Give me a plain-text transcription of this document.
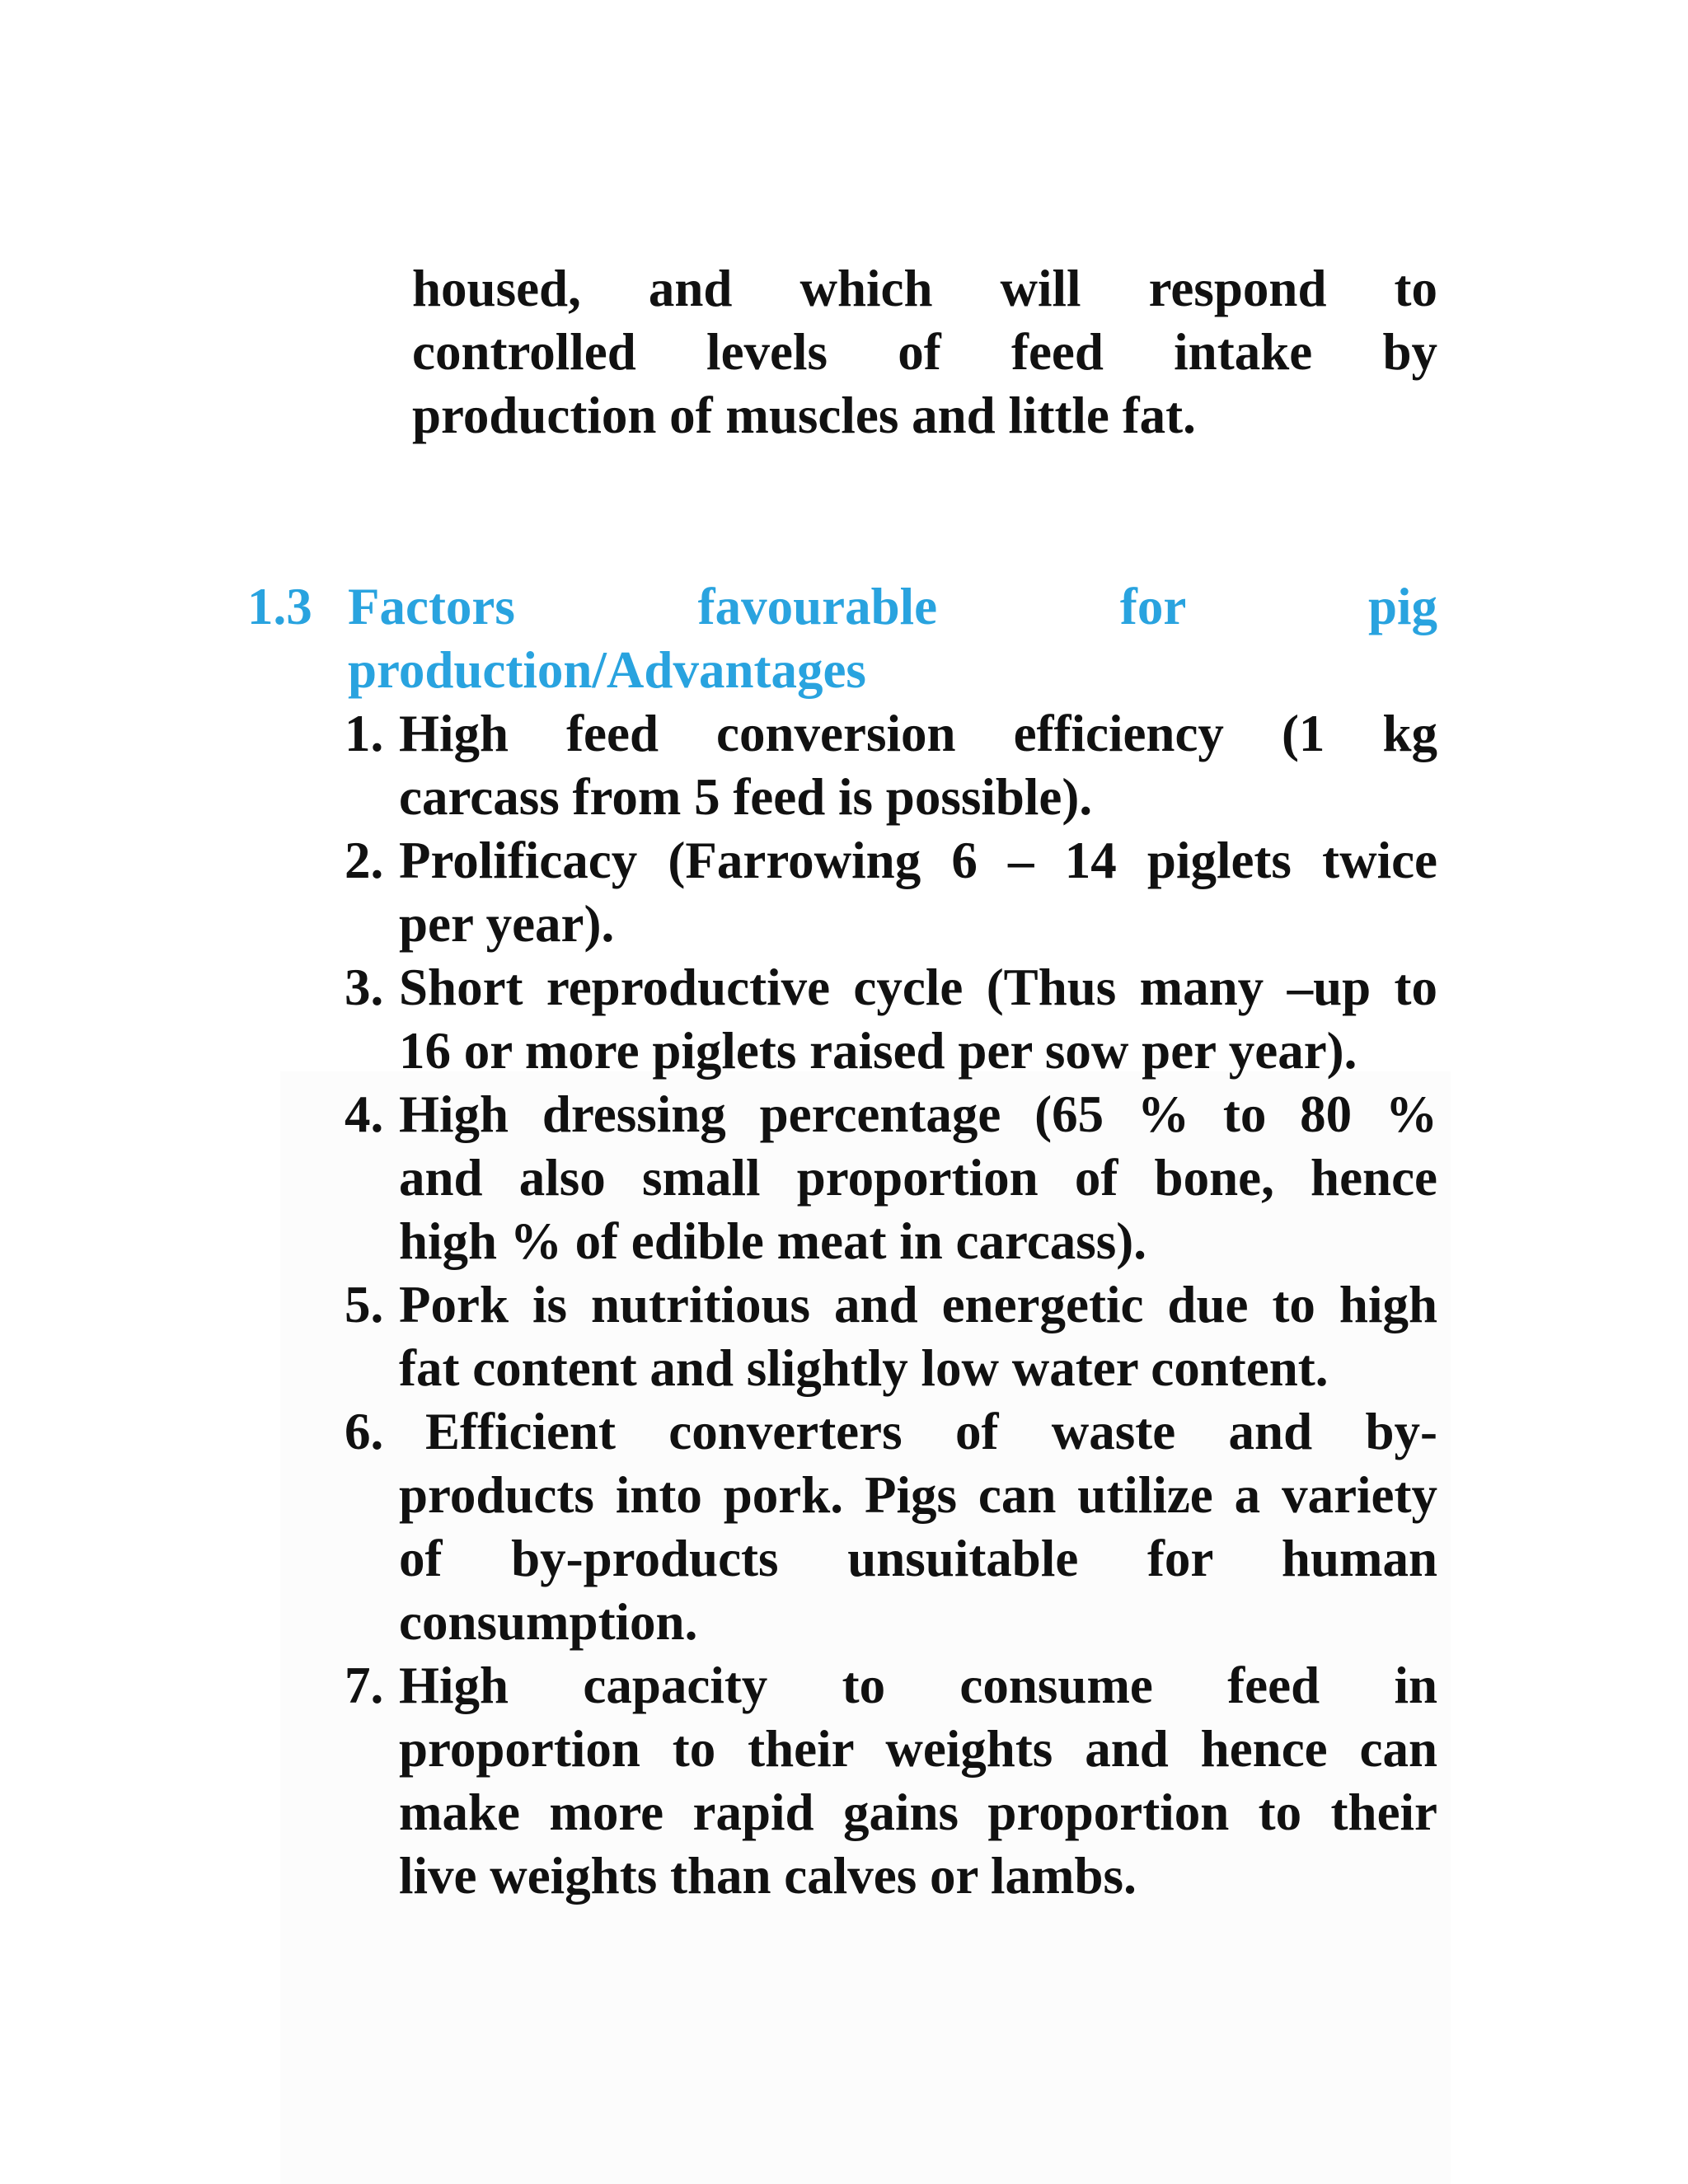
housed, and which will respond to
controlled levels of feed intake by
production of muscles and little fat.
1.3 Factors favourable for pig
production/Advantages
1. High feed conversion efficiency (1 kg
carcass from 5 feed is possible).
2. Prolificacy (Farrowing 6 – 14 piglets twice
per year).
3. Short reproductive cycle (Thus many –up to
16 or more piglets raised per sow per year).
4. High dressing percentage (65 % to 80 %
and also small proportion of bone, hence
high % of edible meat in carcass).
5. Pork is nutritious and energetic due to high
fat content and slightly low water content.
6. Efficient converters of waste and by-
products into pork. Pigs can utilize a variety
of by-products unsuitable for human
consumption.
7. High capacity to consume feed in
proportion to their weights and hence can
make more rapid gains proportion to their
live weights than calves or lambs.
